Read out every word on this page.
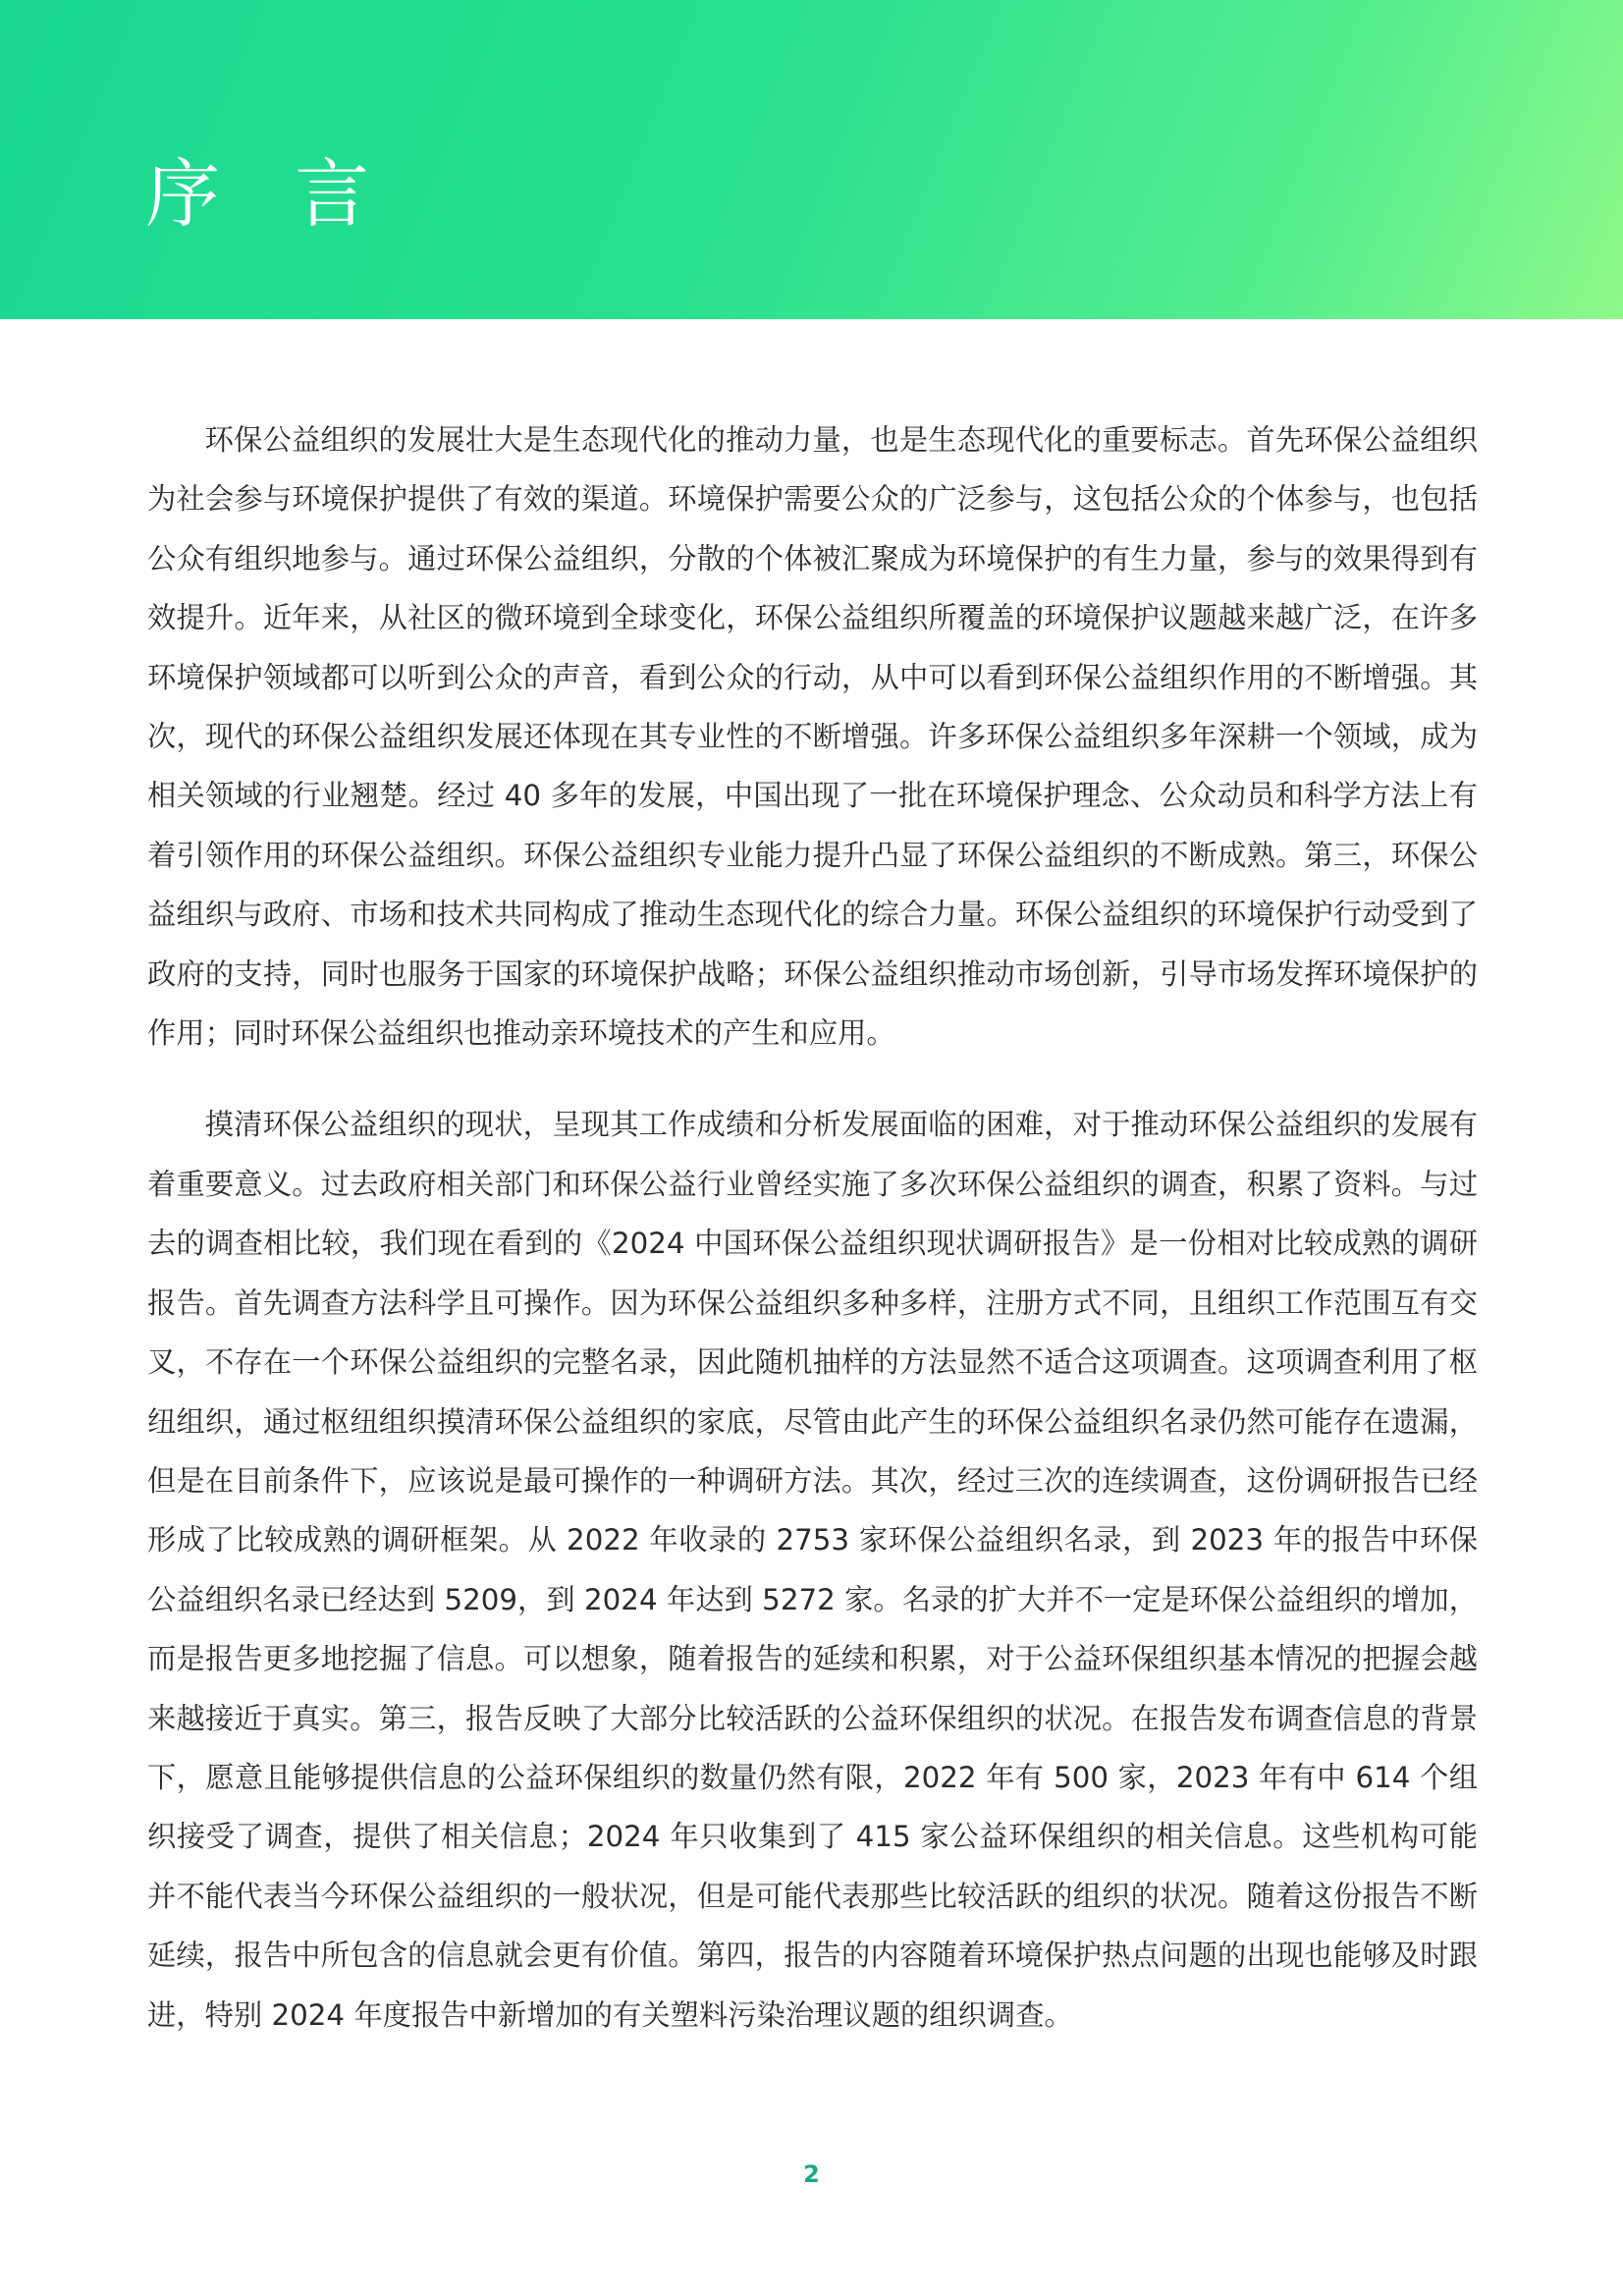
序 言

环保公益组织的发展壮大是生态现代化的推动力量，也是生态现代化的重要标志。首先环保公益组织为社会参与环境保护提供了有效的渠道。环境保护需要公众的广泛参与，这包括公众的个体参与，也包括公众有组织地参与。通过环保公益组织，分散的个体被汇聚成为环境保护的有生力量，参与的效果得到有效提升。近年来，从社区的微环境到全球变化，环保公益组织所覆盖的环境保护议题越来越广泛，在许多环境保护领域都可以听到公众的声音，看到公众的行动，从中可以看到环保公益组织作用的不断增强。其次，现代的环保公益组织发展还体现在其专业性的不断增强。许多环保公益组织多年深耕一个领域，成为相关领域的行业翘楚。经过 40 多年的发展，中国出现了一批在环境保护理念、公众动员和科学方法上有着引领作用的环保公益组织。环保公益组织专业能力提升凸显了环保公益组织的不断成熟。第三，环保公益组织与政府、市场和技术共同构成了推动生态现代化的综合力量。环保公益组织的环境保护行动受到了政府的支持，同时也服务于国家的环境保护战略；环保公益组织推动市场创新，引导市场发挥环境保护的作用；同时环保公益组织也推动亲环境技术的产生和应用。

摸清环保公益组织的现状，呈现其工作成绩和分析发展面临的困难，对于推动环保公益组织的发展有着重要意义。过去政府相关部门和环保公益行业曾经实施了多次环保公益组织的调查，积累了资料。与过去的调查相比较，我们现在看到的《2024 中国环保公益组织现状调研报告》是一份相对比较成熟的调研报告。首先调查方法科学且可操作。因为环保公益组织多种多样，注册方式不同，且组织工作范围互有交叉，不存在一个环保公益组织的完整名录，因此随机抽样的方法显然不适合这项调查。这项调查利用了枢纽组织，通过枢纽组织摸清环保公益组织的家底，尽管由此产生的环保公益组织名录仍然可能存在遗漏，但是在目前条件下，应该说是最可操作的一种调研方法。其次，经过三次的连续调查，这份调研报告已经形成了比较成熟的调研框架。从 2022 年收录的 2753 家环保公益组织名录，到 2023 年的报告中环保公益组织名录已经达到 5209，到 2024 年达到 5272 家。名录的扩大并不一定是环保公益组织的增加，而是报告更多地挖掘了信息。可以想象，随着报告的延续和积累，对于公益环保组织基本情况的把握会越来越接近于真实。第三，报告反映了大部分比较活跃的公益环保组织的状况。在报告发布调查信息的背景下，愿意且能够提供信息的公益环保组织的数量仍然有限，2022 年有 500 家，2023 年有中 614 个组织接受了调查，提供了相关信息；2024 年只收集到了 415 家公益环保组织的相关信息。这些机构可能并不能代表当今环保公益组织的一般状况，但是可能代表那些比较活跃的组织的状况。随着这份报告不断延续，报告中所包含的信息就会更有价值。第四，报告的内容随着环境保护热点问题的出现也能够及时跟进，特别 2024 年度报告中新增加的有关塑料污染治理议题的组织调查。

2
